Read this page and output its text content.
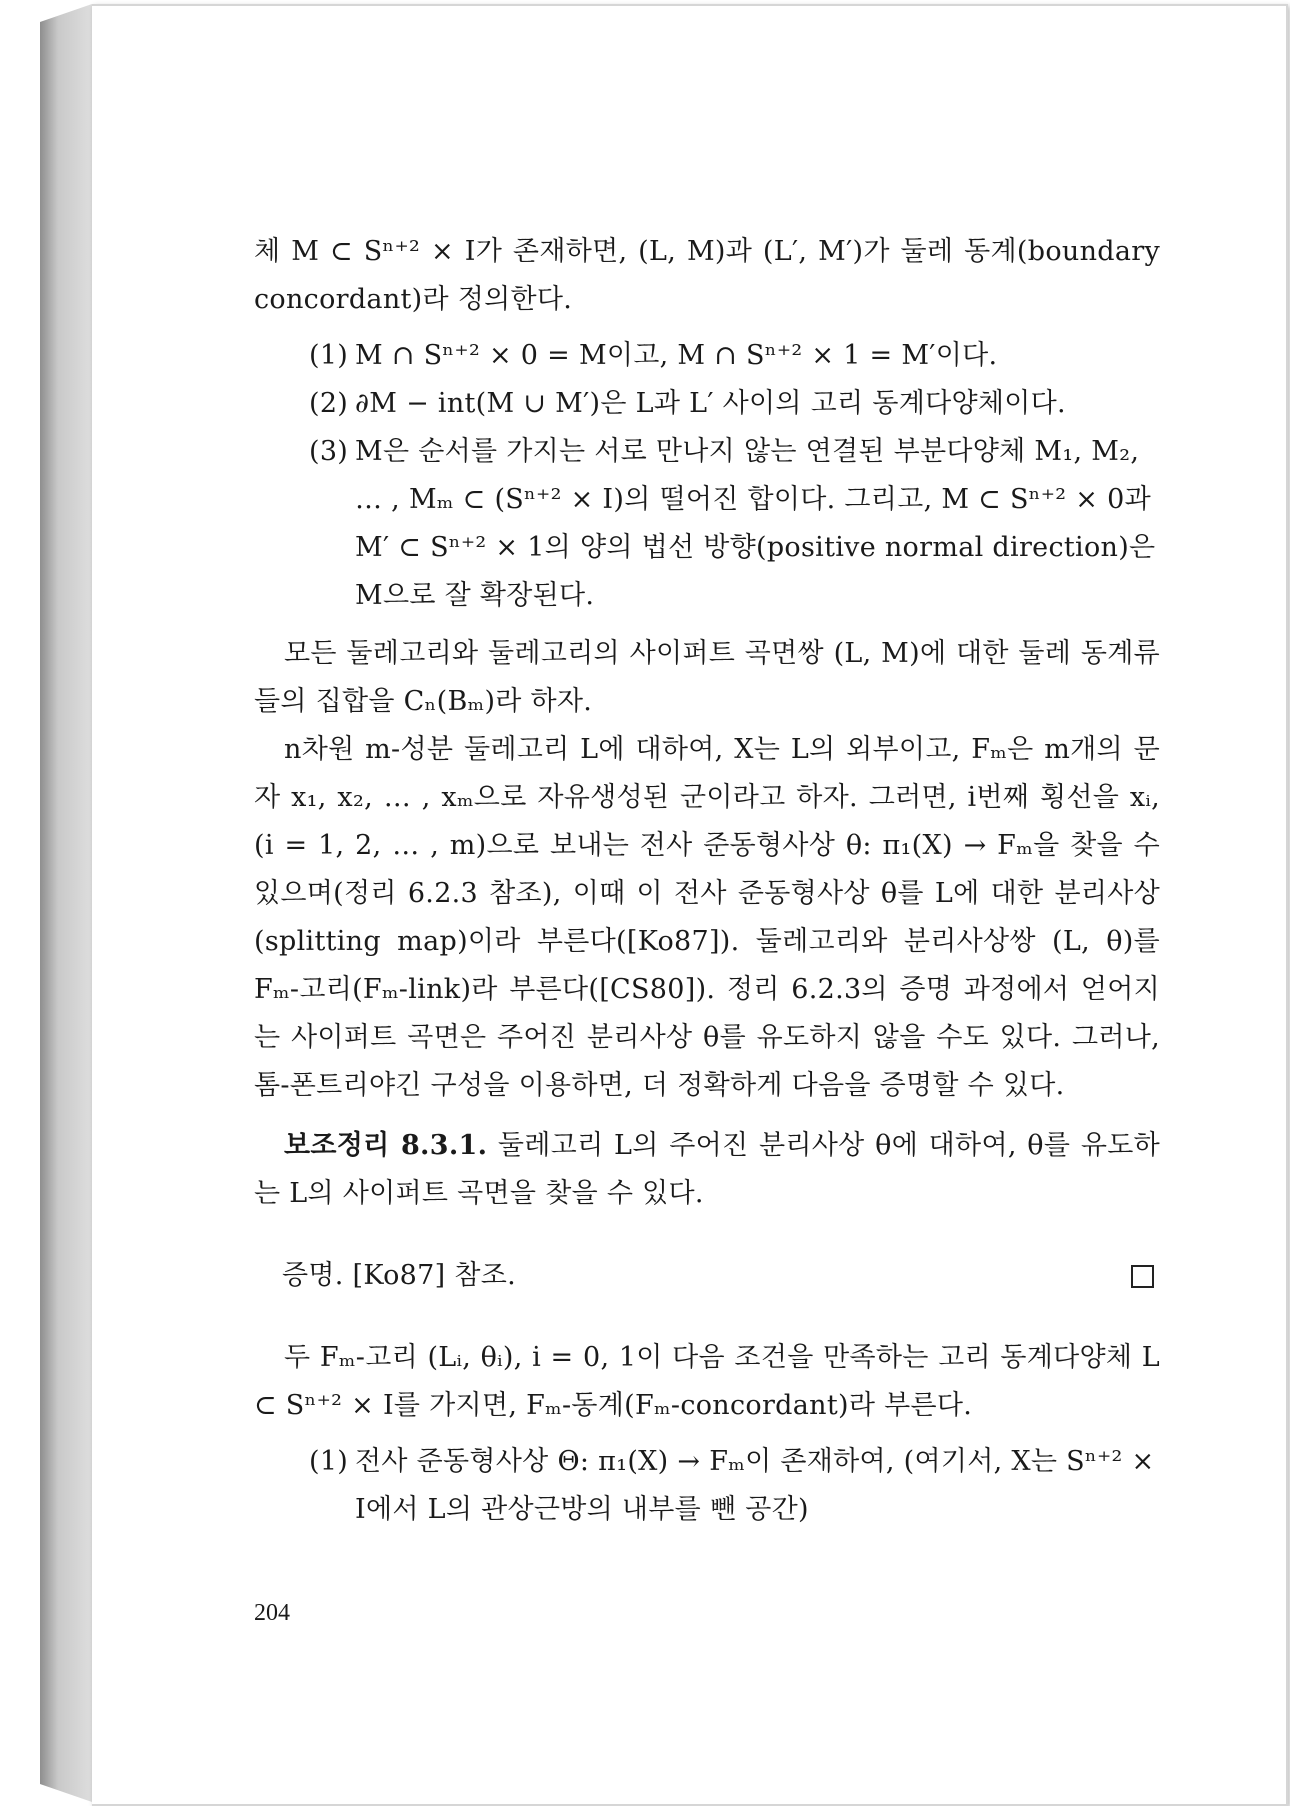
체 M ⊂ Sⁿ⁺² × I가 존재하면, (L, M)과 (L′, M′)가 둘레 동계(boundary concordant)라 정의한다.

(1) M ∩ Sⁿ⁺² × 0 = M이고, M ∩ Sⁿ⁺² × 1 = M′이다.
(2) ∂M − int(M ∪ M′)은 L과 L′ 사이의 고리 동계다양체이다.
(3) M은 순서를 가지는 서로 만나지 않는 연결된 부분다양체 M₁, M₂, … , Mₘ ⊂ (Sⁿ⁺² × I)의 떨어진 합이다. 그리고, M ⊂ Sⁿ⁺² × 0과 M′ ⊂ Sⁿ⁺² × 1의 양의 법선 방향(positive normal direction)은 M으로 잘 확장된다.

모든 둘레고리와 둘레고리의 사이퍼트 곡면쌍 (L, M)에 대한 둘레 동계류들의 집합을 Cₙ(Bₘ)라 하자.

n차원 m-성분 둘레고리 L에 대하여, X는 L의 외부이고, Fₘ은 m개의 문자 x₁, x₂, … , xₘ으로 자유생성된 군이라고 하자. 그러면, i번째 횡선을 xᵢ, (i = 1, 2, … , m)으로 보내는 전사 준동형사상 θ: π₁(X) → Fₘ을 찾을 수 있으며(정리 6.2.3 참조), 이때 이 전사 준동형사상 θ를 L에 대한 분리사상(splitting map)이라 부른다([Ko87]). 둘레고리와 분리사상쌍 (L, θ)를 Fₘ-고리(Fₘ-link)라 부른다([CS80]). 정리 6.2.3의 증명 과정에서 얻어지는 사이퍼트 곡면은 주어진 분리사상 θ를 유도하지 않을 수도 있다. 그러나, 톰-폰트리야긴 구성을 이용하면, 더 정확하게 다음을 증명할 수 있다.

보조정리 8.3.1. 둘레고리 L의 주어진 분리사상 θ에 대하여, θ를 유도하는 L의 사이퍼트 곡면을 찾을 수 있다.

증명. [Ko87] 참조.

두 Fₘ-고리 (Lᵢ, θᵢ), i = 0, 1이 다음 조건을 만족하는 고리 동계다양체 L ⊂ Sⁿ⁺² × I를 가지면, Fₘ-동계(Fₘ-concordant)라 부른다.

(1) 전사 준동형사상 Θ: π₁(X) → Fₘ이 존재하여, (여기서, X는 Sⁿ⁺² × I에서 L의 관상근방의 내부를 뺀 공간)
204
